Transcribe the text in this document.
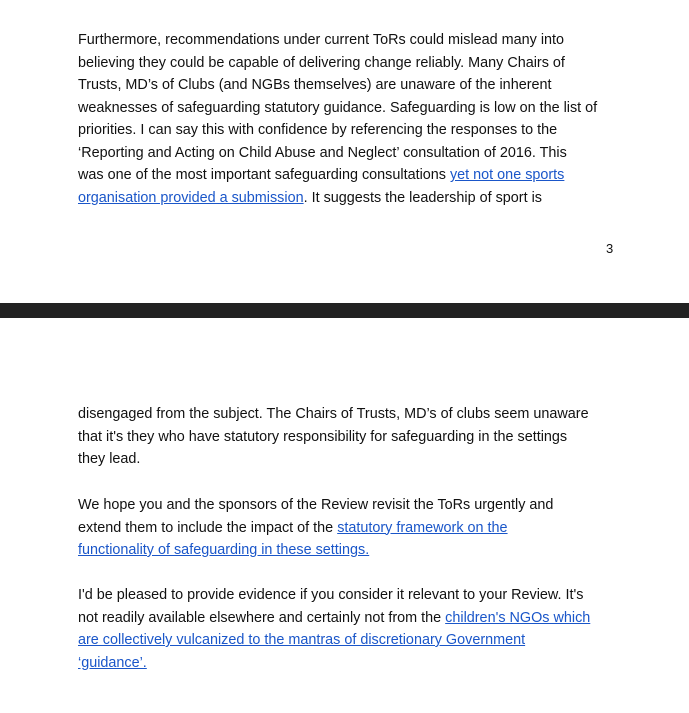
Furthermore, recommendations under current ToRs could mislead many into
believing they could be capable of delivering change reliably. Many Chairs of
Trusts, MD’s of Clubs (and NGBs themselves) are unaware of the inherent
weaknesses of safeguarding statutory guidance. Safeguarding is low on the list of
priorities. I can say this with confidence by referencing the responses to the
‘Reporting and Acting on Child Abuse and Neglect’ consultation of 2016. This
was one of the most important safeguarding consultations yet not one sports
organisation provided a submission. It suggests the leadership of sport is

3

disengaged from the subject. The Chairs of Trusts, MD’s of clubs seem unaware
that it's they who have statutory responsibility for safeguarding in the settings
they lead.

We hope you and the sponsors of the Review revisit the ToRs urgently and
extend them to include the impact of the statutory framework on the
functionality of safeguarding in these settings.

I'd be pleased to provide evidence if you consider it relevant to your Review. It's
not readily available elsewhere and certainly not from the children's NGOs which
are collectively vulcanized to the mantras of discretionary Government
‘guidance’.
